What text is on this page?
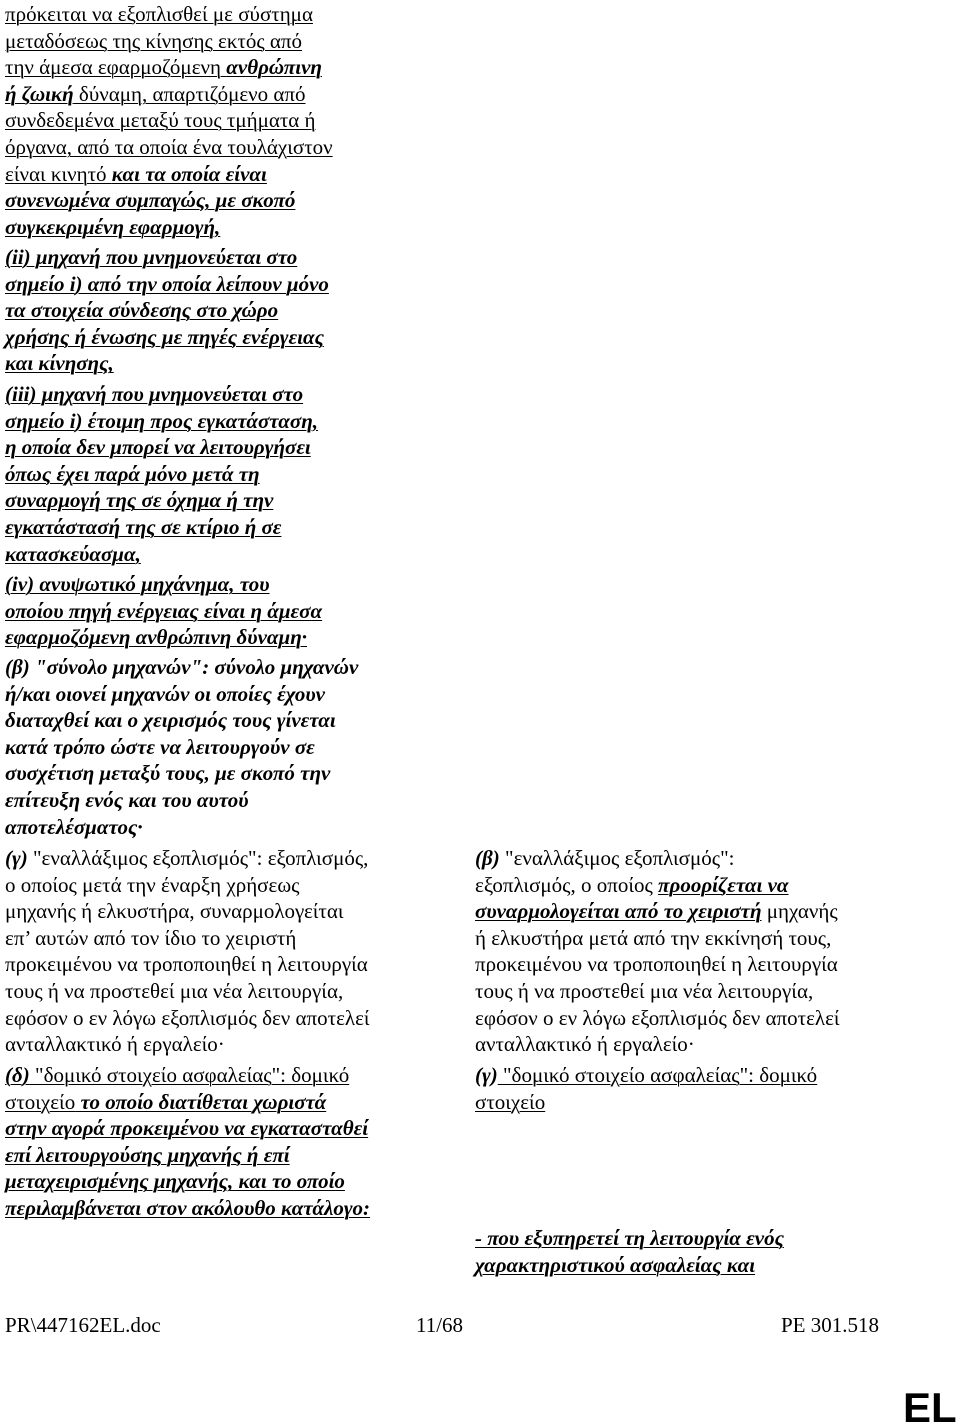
πρόκειται να εξοπλισθεί με σύστημα
μεταδόσεως της κίνησης εκτός από
την άμεσα εφαρμοζόμενη ανθρώπινη
ή ζωική δύναμη, απαρτιζόμενο από
συνδεδεμένα μεταξύ τους τμήματα ή
όργανα, από τα οποία ένα τουλάχιστον
είναι κινητό και τα οποία είναι
συνενωμένα συμπαγώς, με σκοπό
συγκεκριμένη εφαρμογή,
(ii) μηχανή που μνημονεύεται στο
σημείο i) από την οποία λείπουν μόνο
τα στοιχεία σύνδεσης στο χώρο
χρήσης ή ένωσης με πηγές ενέργειας
και κίνησης,
(iii) μηχανή που μνημονεύεται στο
σημείο i) έτοιμη προς εγκατάσταση,
η οποία δεν μπορεί να λειτουργήσει
όπως έχει παρά μόνο μετά τη
συναρμογή της σε όχημα ή την
εγκατάστασή της σε κτίριο ή σε
κατασκεύασμα,
(iv) ανυψωτικό μηχάνημα, του
οποίου πηγή ενέργειας είναι η άμεσα
εφαρμοζόμενη ανθρώπινη δύναμη·
(β) "σύνολο μηχανών": σύνολο μηχανών
ή/και οιονεί μηχανών οι οποίες έχουν
διαταχθεί και ο χειρισμός τους γίνεται
κατά τρόπο ώστε να λειτουργούν σε
συσχέτιση μεταξύ τους, με σκοπό την
επίτευξη ενός και του αυτού
αποτελέσματος·
(γ) "εναλλάξιμος εξοπλισμός": εξοπλισμός,
ο οποίος μετά την έναρξη χρήσεως
μηχανής ή ελκυστήρα, συναρμολογείται
επ’ αυτών από τον ίδιο το χειριστή
προκειμένου να τροποποιηθεί η λειτουργία
τους ή να προστεθεί μια νέα λειτουργία,
εφόσον ο εν λόγω εξοπλισμός δεν αποτελεί
ανταλλακτικό ή εργαλείο·
(δ) "δομικό στοιχείο ασφαλείας": δομικό
στοιχείο το οποίο διατίθεται χωριστά
στην αγορά προκειμένου να εγκατασταθεί
επί λειτουργούσης μηχανής ή επί
μεταχειρισμένης μηχανής, και το οποίο
περιλαμβάνεται στον ακόλουθο κατάλογο:
(β) "εναλλάξιμος εξοπλισμός":
εξοπλισμός, ο οποίος προορίζεται να
συναρμολογείται από το χειριστή μηχανής
ή ελκυστήρα μετά από την εκκίνησή τους,
προκειμένου να τροποποιηθεί η λειτουργία
τους ή να προστεθεί μια νέα λειτουργία,
εφόσον ο εν λόγω εξοπλισμός δεν αποτελεί
ανταλλακτικό ή εργαλείο·
(γ) "δομικό στοιχείο ασφαλείας": δομικό
στοιχείο
- που εξυπηρετεί τη λειτουργία ενός
χαρακτηριστικού ασφαλείας και
PR\447162EL.doc	11/68	PE 301.518
EL
